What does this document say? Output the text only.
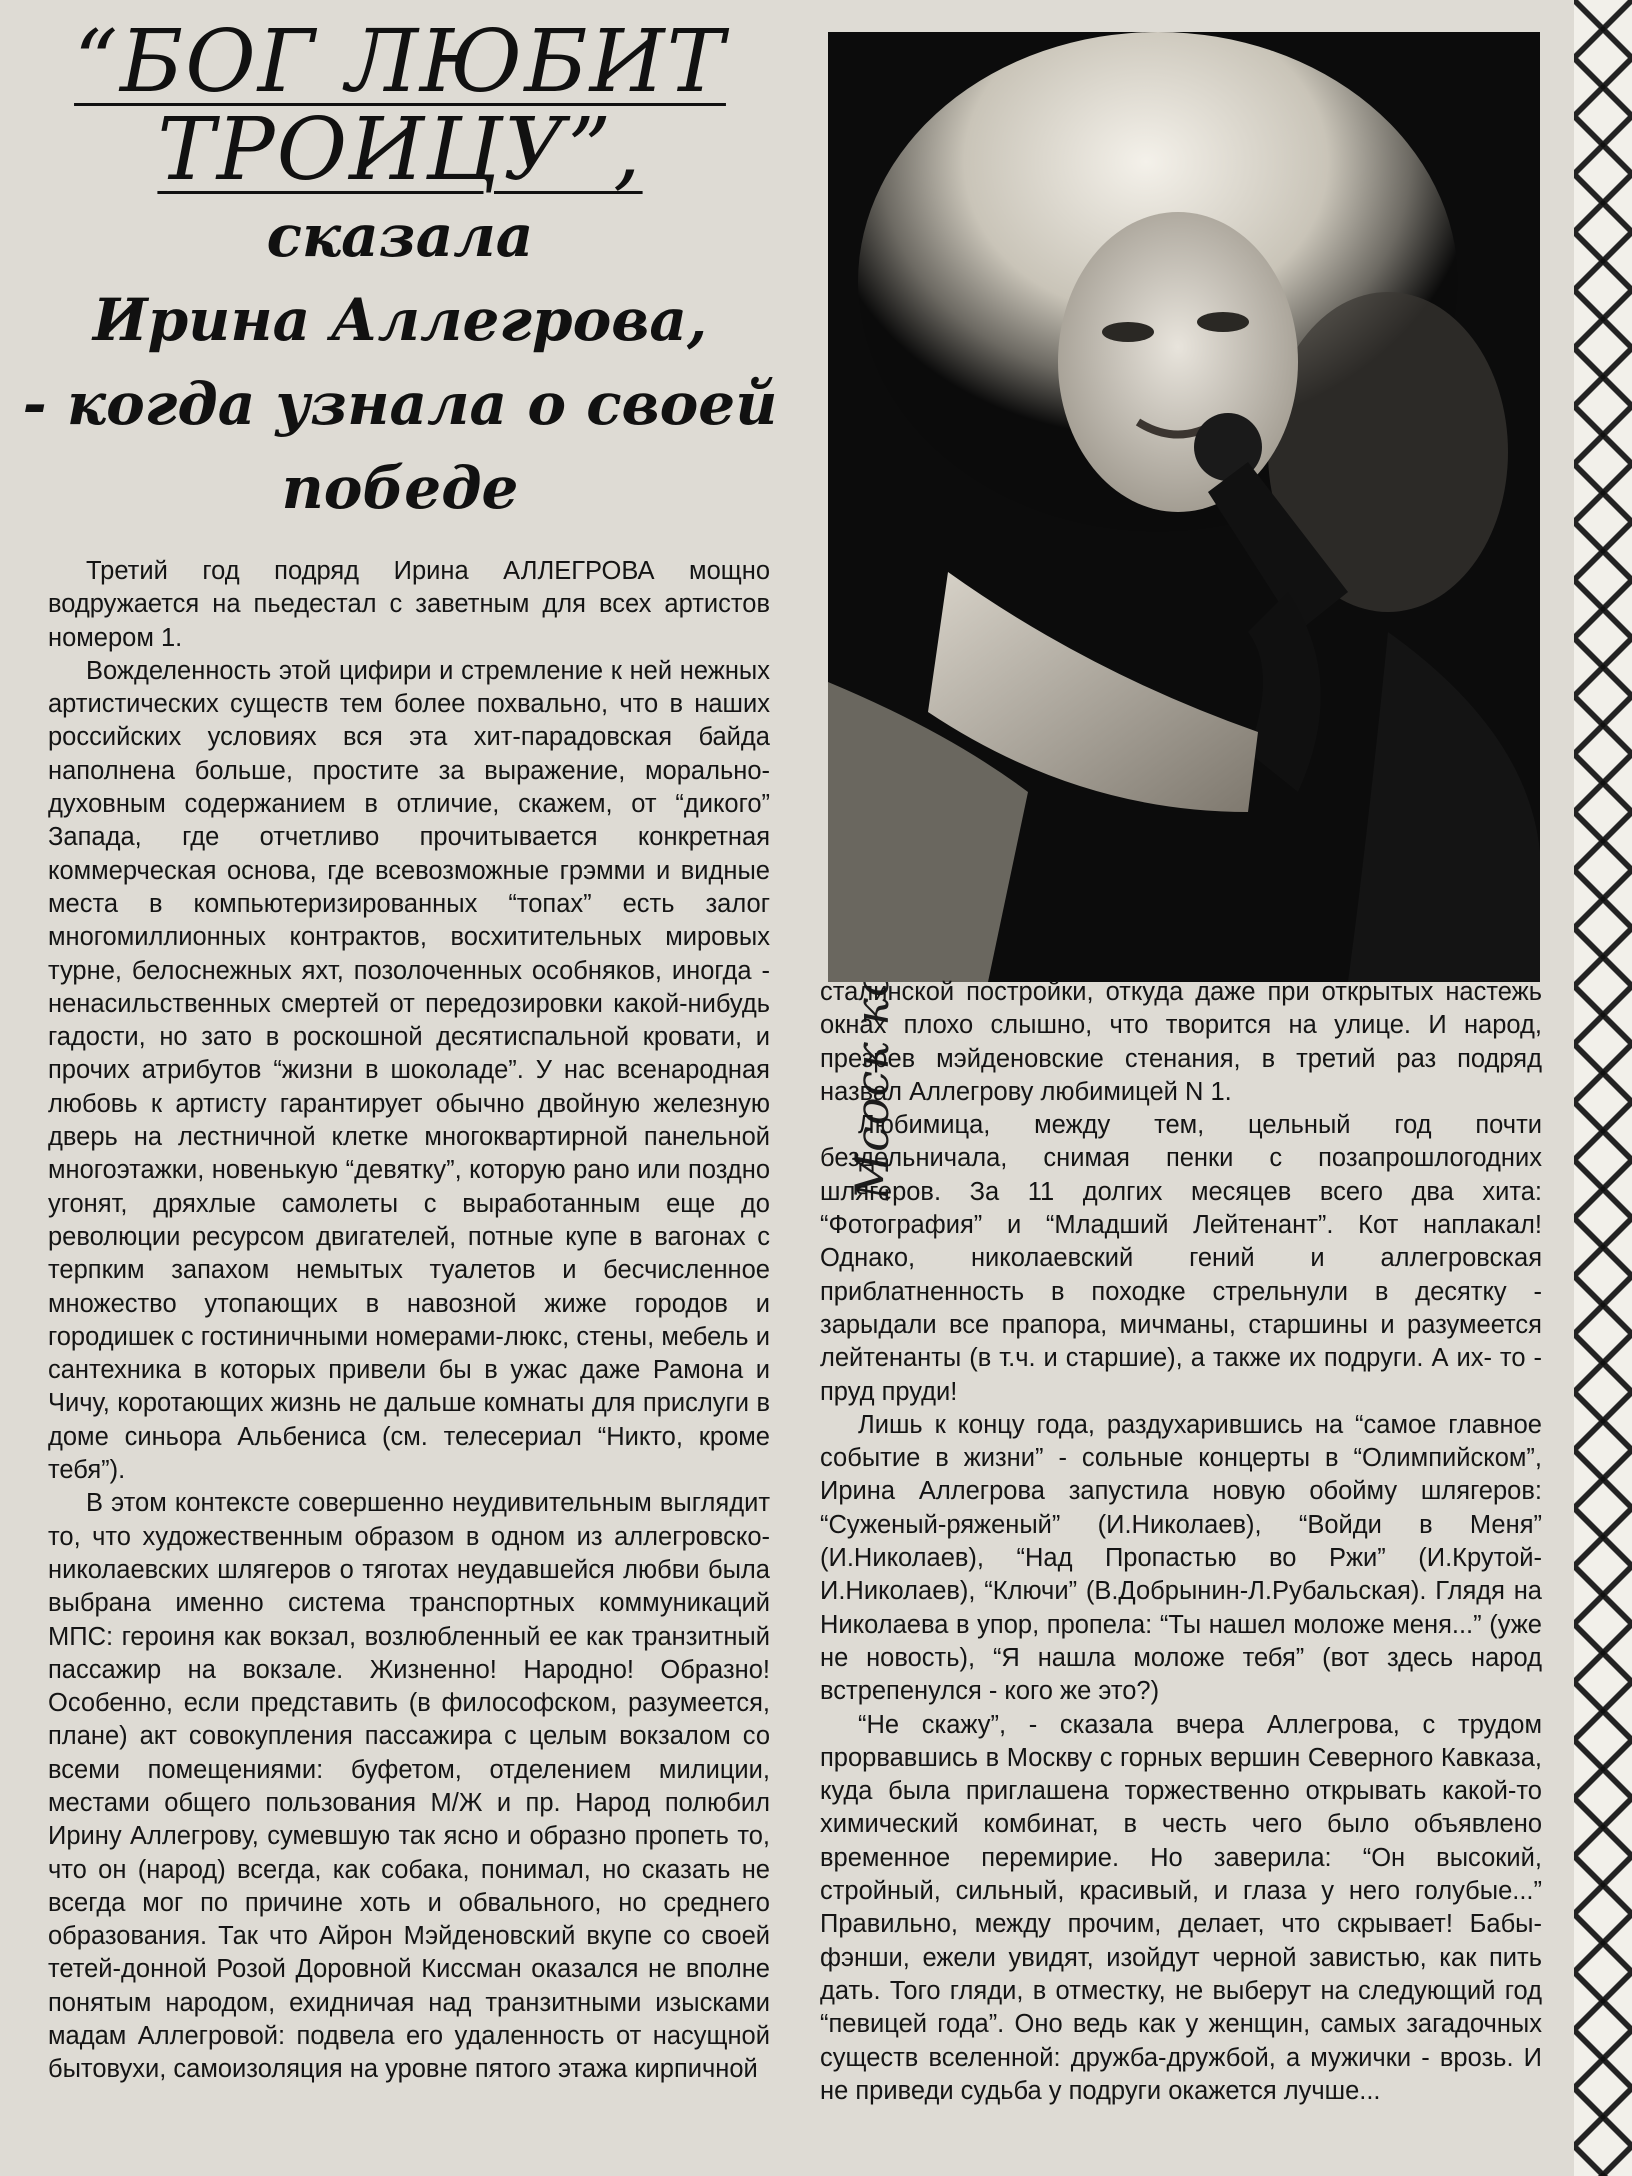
“БОГ ЛЮБИТ
ТРОИЦУ”,
сказала
Ирина Аллегрова,
- когда узнала о своей
победе

Третий год подряд Ирина АЛЛЕГРОВА мощно водружается на пьедестал с заветным для всех артистов номером 1.

Вожделенность этой цифири и стремление к ней нежных артистических существ тем более похвально, что в наших российских условиях вся эта хит-парадовская байда наполнена больше, простите за выражение, морально-духовным содержанием в отличие, скажем, от “дикого” Запада, где отчетливо прочитывается конкретная коммерческая основа, где всевозможные грэмми и видные места в компьютеризированных “топах” есть залог многомиллионных контрактов, восхитительных мировых турне, белоснежных яхт, позолоченных особняков, иногда - ненасильственных смертей от передозировки какой-нибудь гадости, но зато в роскошной десятиспальной кровати, и прочих атрибутов “жизни в шоколаде”. У нас всенародная любовь к артисту гарантирует обычно двойную железную дверь на лестничной клетке многоквартирной панельной многоэтажки, новенькую “девятку”, которую рано или поздно угонят, дряхлые самолеты с выработанным еще до революции ресурсом двигателей, потные купе в вагонах с терпким запахом немытых туалетов и бесчисленное множество утопающих в навозной жиже городов и городишек с гостиничными номерами-люкс, стены, мебель и сантехника в которых привели бы в ужас даже Рамона и Чичу, коротающих жизнь не дальше комнаты для прислуги в доме синьора Альбениса (см. телесериал “Никто, кроме тебя”).

В этом контексте совершенно неудивительным выглядит то, что художественным образом в одном из аллегровско-николаевских шлягеров о тяготах неудавшейся любви была выбрана именно система транспортных коммуникаций МПС: героиня как вокзал, возлюбленный ее как транзитный пассажир на вокзале. Жизненно! Народно! Образно! Особенно, если представить (в философском, разумеется, плане) акт совокупления пассажира с целым вокзалом со всеми помещениями: буфетом, отделением милиции, местами общего пользования М/Ж и пр. Народ полюбил Ирину Аллегрову, сумевшую так ясно и образно пропеть то, что он (народ) всегда, как собака, понимал, но сказать не всегда мог по причине хоть и обвального, но среднего образования. Так что Айрон Мэйденовский вкупе со своей тетей-донной Розой Доровной Киссман оказался не вполне понятым народом, ехидничая над транзитными изысками мадам Аллегровой: подвела его удаленность от насущной бытовухи, самоизоляция на уровне пятого этажа кирпичной

сталинской постройки, откуда даже при открытых настежь окнах плохо слышно, что творится на улице. И народ, презрев мэйденовские стенания, в третий раз подряд назвал Аллегрову любимицей N 1.

Любимица, между тем, цельный год почти бездельничала, снимая пенки с позапрошлогодних шлягеров. За 11 долгих месяцев всего два хита: “Фотография” и “Младший Лейтенант”. Кот наплакал! Однако, николаевский гений и аллегровская приблатненность в походке стрельнули в десятку - зарыдали все прапора, мичманы, старшины и разумеется лейтенанты (в т.ч. и старшие), а также их подруги. А их- то - пруд пруди!

Лишь к концу года, раздухарившись на “самое главное событие в жизни” - сольные концерты в “Олимпийском”, Ирина Аллегрова запустила новую обойму шлягеров: “Суженый-ряженый” (И.Николаев), “Войди в Меня” (И.Николаев), “Над Пропастью во Ржи” (И.Крутой-И.Николаев), “Ключи” (В.Добрынин-Л.Рубальская). Глядя на Николаева в упор, пропела: “Ты нашел моложе меня...” (уже не новость), “Я нашла моложе тебя” (вот здесь народ встрепенулся - кого же это?)

“Не скажу”, - сказала вчера Аллегрова, с трудом прорвавшись в Москву с горных вершин Северного Кавказа, куда была приглашена торжественно открывать какой-то химический комбинат, в честь чего было объявлено временное перемирие. Но заверила: “Он высокий, стройный, сильный, красивый, и глаза у него голубые...” Правильно, между прочим, делает, что скрывает! Бабы-фэнши, ежели увидят, изойдут черной завистью, как пить дать. Того гляди, в отместку, не выберут на следующий год “певицей года”. Оно ведь как у женщин, самых загадочных существ вселенной: дружба-дружбой, а мужички - врозь. И не приведи судьба у подруги окажется лучше...
